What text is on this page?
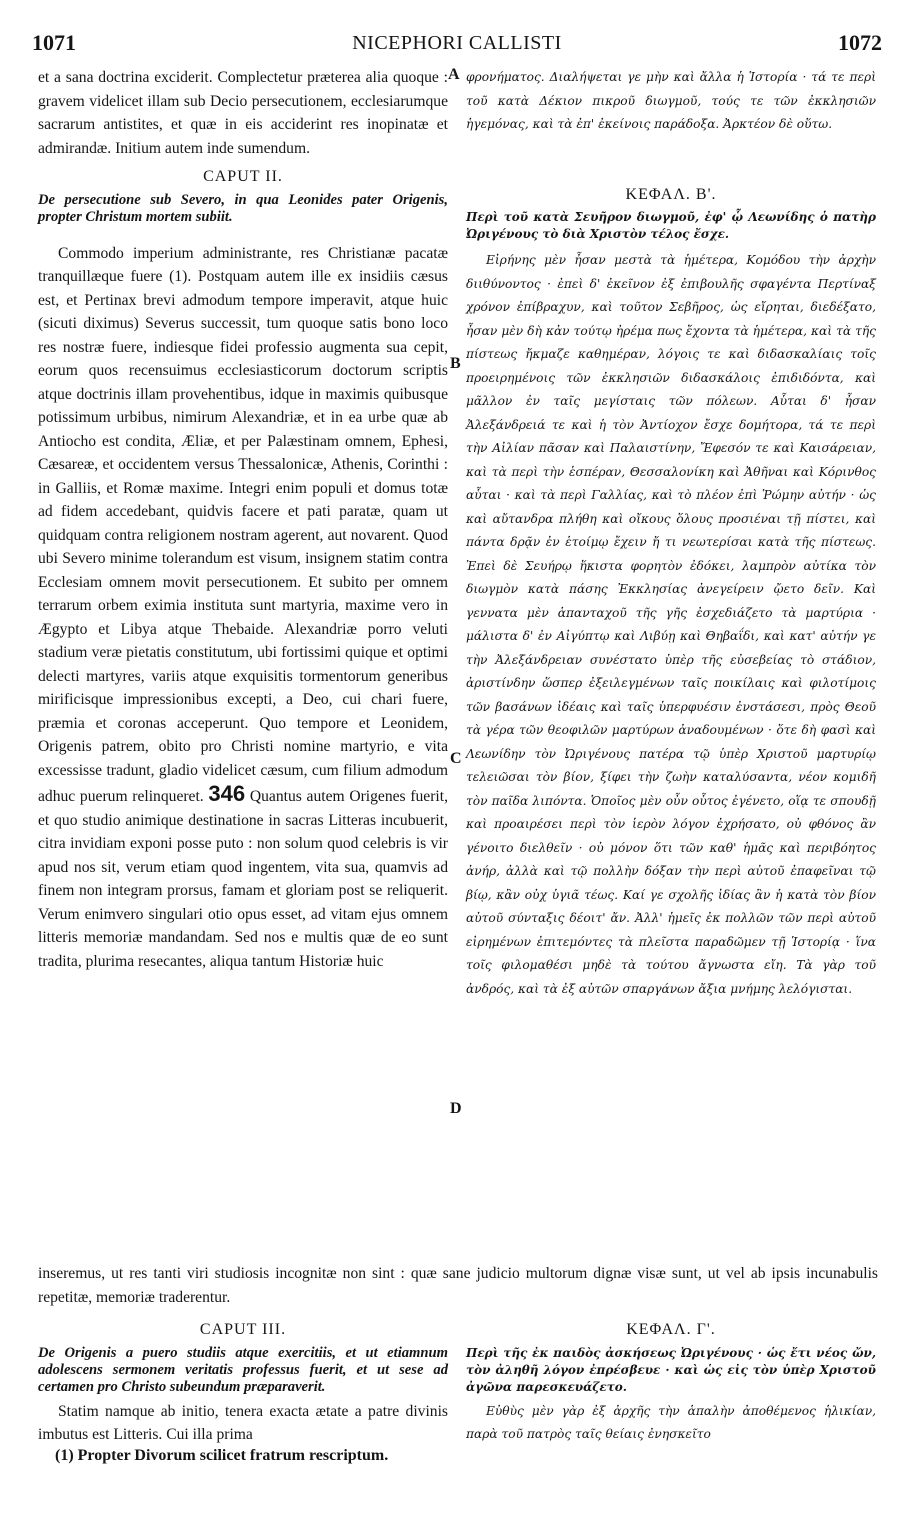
1071	NICEPHORI CALLISTI	1072
A
B
C
D

et a sana doctrina exciderit. Complectetur præterea alia quoque : gravem videlicet illam sub Decio persecutionem, ecclesiarumque sacrarum antistites, et quæ in eis acciderint res inopinatæ et admirandæ. Initium autem inde sumendum.

CAPUT II.

De persecutione sub Severo, in qua Leonides pater Origenis, propter Christum mortem subiit.

Commodo imperium administrante, res Christianæ pacatæ tranquillæque fuere (1). Postquam autem ille ex insidiis cæsus est, et Pertinax brevi admodum tempore imperavit, atque huic (sicuti diximus) Severus successit, tum quoque satis bono loco res nostræ fuere, indiesque fidei professio augmenta sua cepit, eorum quos recensuimus ecclesiasticorum doctorum scriptis atque doctrinis illam provehentibus, idque in maximis quibusque potissimum urbibus, nimirum Alexandriæ, et in ea urbe quæ ab Antiocho est condita, Æliæ, et per Palæstinam omnem, Ephesi, Cæsareæ, et occidentem versus Thessalonicæ, Athenis, Corinthi : in Galliis, et Romæ maxime. Integri enim populi et domus totæ ad fidem accedebant, quidvis facere et pati paratæ, quam ut quidquam contra religionem nostram agerent, aut novarent. Quod ubi Severo minime tolerandum est visum, insignem statim contra Ecclesiam omnem movit persecutionem. Et subito per omnem terrarum orbem eximia instituta sunt martyria, maxime vero in Ægypto et Libya atque Thebaide. Alexandriæ porro veluti stadium veræ pietatis constitutum, ubi fortissimi quique et optimi delecti martyres, variis atque exquisitis tormentorum generibus mirificisque impressionibus excepti, a Deo, cui chari fuere, præmia et coronas acceperunt. Quo tempore et Leonidem, Origenis patrem, obito pro Christi nomine martyrio, e vita excessisse tradunt, gladio videlicet cæsum, cum filium admodum adhuc puerum relinqueret. 346 Quantus autem Origenes fuerit, et quo studio animique destinatione in sacras Litteras incubuerit, citra invidiam exponi posse puto : non solum quod celebris is vir apud nos sit, verum etiam quod ingentem, vita sua, quamvis ad finem non integram prorsus, famam et gloriam post se reliquerit. Verum enimvero singulari otio opus esset, ad vitam ejus omnem litteris memoriæ mandandam. Sed nos e multis quæ de eo sunt tradita, plurima resecantes, aliqua tantum Historiæ huic

φρονήματος. Διαλήψεται γε μὴν καὶ ἄλλα ἡ Ἱστορία · τά τε περὶ τοῦ κατὰ Δέκιον πικροῦ διωγμοῦ, τούς τε τῶν ἐκκλησιῶν ἡγεμόνας, καὶ τὰ ἐπ' ἐκείνοις παράδοξα. Ἀρκτέον δὲ οὕτω.

ΚΕΦΑΛ. Β'.

Περὶ τοῦ κατὰ Σευῆρον διωγμοῦ, ἐφ' ᾧ Λεωνίδης ὁ πατὴρ Ὠριγένους τὸ διὰ Χριστὸν τέλος ἔσχε.

Εἰρήνης μὲν ἦσαν μεστὰ τὰ ἡμέτερα, Κομόδου τὴν ἀρχὴν διιθύνοντος · ἐπεὶ δ' ἐκεῖνον ἐξ ἐπιβουλῆς σφαγέντα Περτίναξ χρόνον ἐπίβραχυν, καὶ τοῦτον Σεβῆρος, ὡς εἴρηται, διεδέξατο, ἦσαν μὲν δὴ κἀν τούτῳ ἠρέμα πως ἔχοντα τὰ ἡμέτερα, καὶ τὰ τῆς πίστεως ἤκμαζε καθημέραν, λόγοις τε καὶ διδασκαλίαις τοῖς προειρημένοις τῶν ἐκκλησιῶν διδασκάλοις ἐπιδιδόντα, καὶ μᾶλλον ἐν ταῖς μεγίσταις τῶν πόλεων. Αὗται δ' ἦσαν Ἀλεξάνδρειά τε καὶ ἡ τὸν Ἀντίοχον ἔσχε δομήτορα, τά τε περὶ τὴν Αἰλίαν πᾶσαν καὶ Παλαιστίνην, Ἔφεσόν τε καὶ Καισάρειαν, καὶ τὰ περὶ τὴν ἑσπέραν, Θεσσαλονίκη καὶ Ἀθῆναι καὶ Κόρινθος αὗται · καὶ τὰ περὶ Γαλλίας, καὶ τὸ πλέον ἐπὶ Ῥώμην αὐτήν · ὡς καὶ αὔτανδρα πλήθη καὶ οἴκους ὅλους προσιέναι τῇ πίστει, καὶ πάντα δρᾷν ἐν ἑτοίμῳ ἔχειν ἤ τι νεωτερίσαι κατὰ τῆς πίστεως. Ἐπεὶ δὲ Σευήρῳ ἥκιστα φορητὸν ἐδόκει, λαμπρὸν αὐτίκα τὸν διωγμὸν κατὰ πάσης Ἐκκλησίας ἀνεγείρειν ᾤετο δεῖν. Καὶ γεννατα μὲν ἁπανταχοῦ τῆς γῆς ἐσχεδιάζετο τὰ μαρτύρια · μάλιστα δ' ἐν Αἰγύπτῳ καὶ Λιβύῃ καὶ Θηβαΐδι, καὶ κατ' αὐτήν γε τὴν Ἀλεξάνδρειαν συνέστατο ὑπὲρ τῆς εὐσεβείας τὸ στάδιον, ἀριστίνδην ὥσπερ ἐξειλεγμένων ταῖς ποικίλαις καὶ φιλοτίμοις τῶν βασάνων ἰδέαις καὶ ταῖς ὑπερφυέσιν ἐνστάσεσι, πρὸς Θεοῦ τὰ γέρα τῶν θεοφιλῶν μαρτύρων ἀναδουμένων · ὅτε δὴ φασὶ καὶ Λεωνίδην τὸν Ὠριγένους πατέρα τῷ ὑπὲρ Χριστοῦ μαρτυρίῳ τελειῶσαι τὸν βίον, ξίφει τὴν ζωὴν καταλύσαντα, νέον κομιδῆ τὸν παῖδα λιπόντα. Ὁποῖος μὲν οὖν οὗτος ἐγένετο, οἵᾳ τε σπουδῇ καὶ προαιρέσει περὶ τὸν ἱερὸν λόγον ἐχρήσατο, οὐ φθόνος ἂν γένοιτο διελθεῖν · οὐ μόνον ὅτι τῶν καθ' ἡμᾶς καὶ περιβόητος ἀνήρ, ἀλλὰ καὶ τῷ πολλὴν δόξαν τὴν περὶ αὐτοῦ ἐπαφεῖναι τῷ βίῳ, κἂν οὐχ ὑγιᾶ τέως. Καί γε σχολῆς ἰδίας ἂν ἡ κατὰ τὸν βίον αὐτοῦ σύνταξις δέοιτ' ἄν. Ἀλλ' ἡμεῖς ἐκ πολλῶν τῶν περὶ αὐτοῦ εἰρημένων ἐπιτεμόντες τὰ πλεῖστα παραδῶμεν τῇ Ἱστορίᾳ · ἵνα τοῖς φιλομαθέσι μηδὲ τὰ τούτου ἄγνωστα εἴη. Τὰ γὰρ τοῦ ἀνδρός, καὶ τὰ ἐξ αὐτῶν σπαργάνων ἄξια μνήμης λελόγισται.

inseremus, ut res tanti viri studiosis incognitæ non sint : quæ sane judicio multorum dignæ visæ sunt, ut vel ab ipsis incunabulis repetitæ, memoriæ traderentur.

CAPUT III.

De Origenis a puero studiis atque exercitiis, et ut etiamnum adolescens sermonem veritatis professus fuerit, et ut sese ad certamen pro Christo subeundum præparaverit.

Statim namque ab initio, tenera exacta ætate a patre divinis imbutus est Litteris. Cui illa prima

ΚΕΦΑΛ. Γ'.

Περὶ τῆς ἐκ παιδὸς ἀσκήσεως Ὠριγένους · ὡς ἔτι νέος ὤν, τὸν ἀληθῆ λόγον ἐπρέσβευε · καὶ ὡς εἰς τὸν ὑπὲρ Χριστοῦ ἀγῶνα παρεσκευάζετο.

Εὐθὺς μὲν γὰρ ἐξ ἀρχῆς τὴν ἁπαλὴν ἀποθέμενος ἡλικίαν, παρὰ τοῦ πατρὸς ταῖς θείαις ἐνησκεῖτο

(1) Propter Divorum scilicet fratrum rescriptum.
